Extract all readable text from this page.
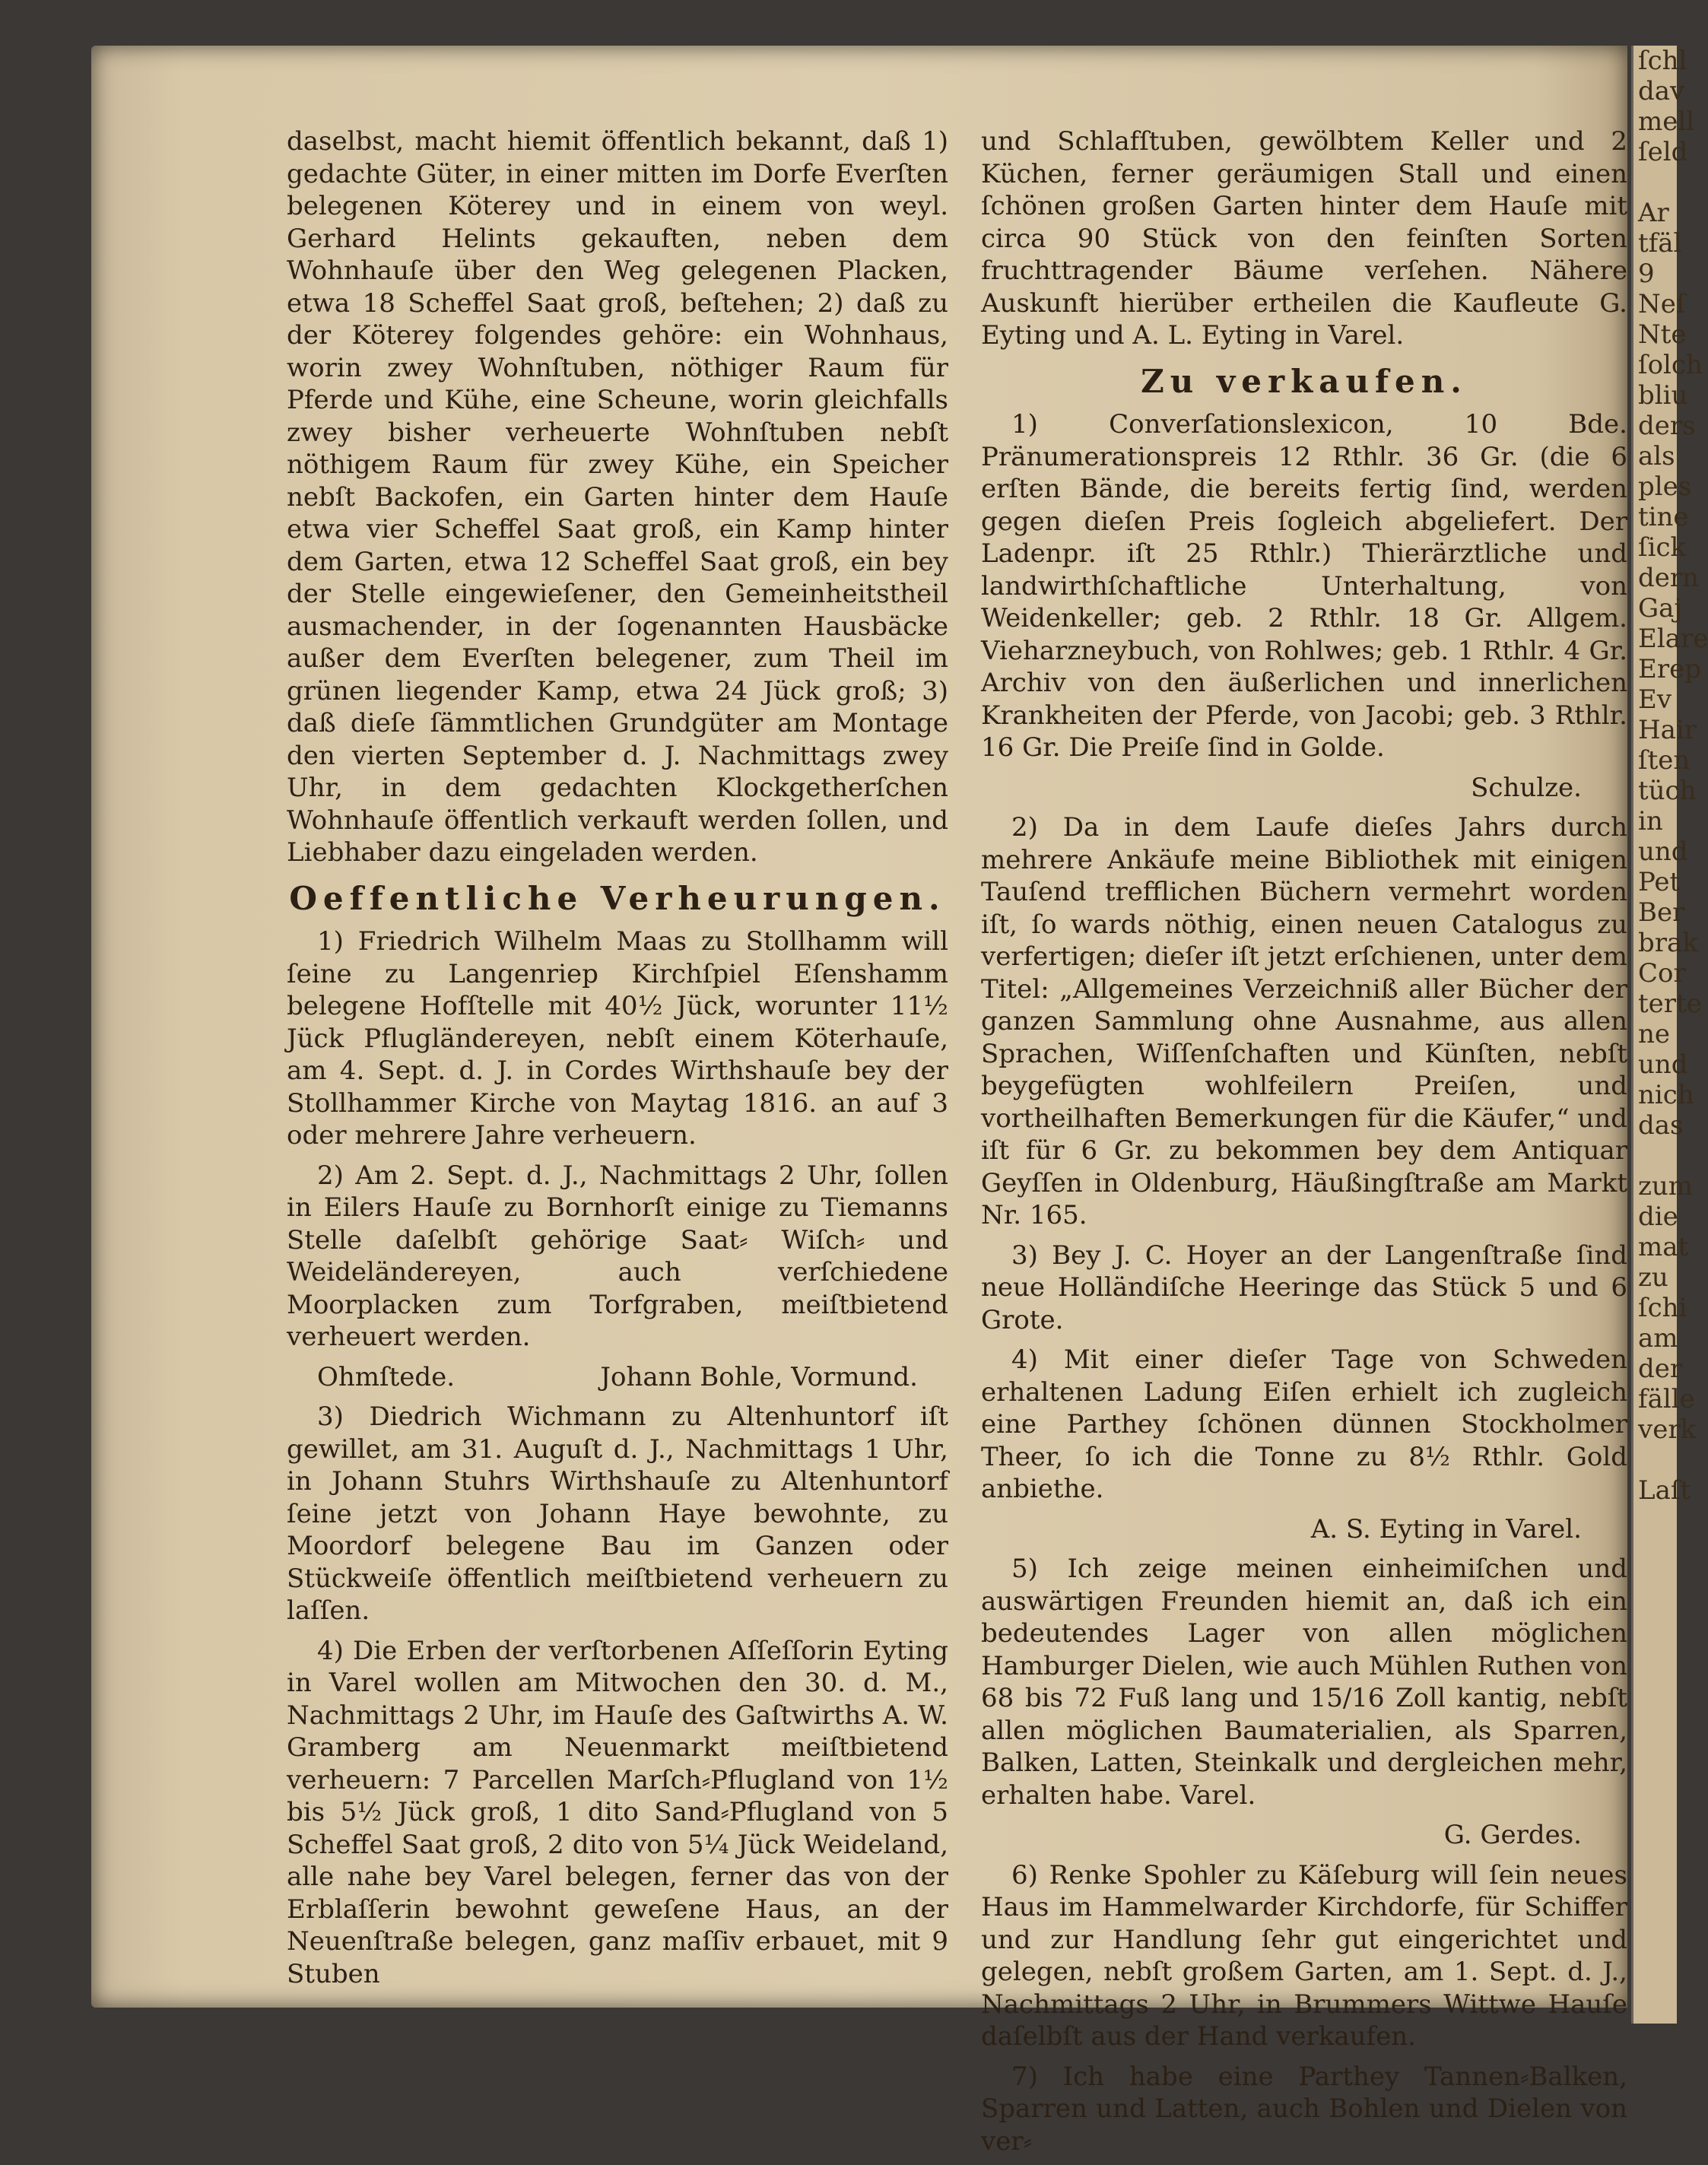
daselbst, macht hiemit öffentlich bekannt, daß 1) gedachte Güter, in einer mitten im Dorfe Everſten belegenen Köterey und in einem von weyl. Gerhard Helints gekauften, neben dem Wohnhauſe über den Weg gelegenen Placken, etwa 18 Scheffel Saat groß, beſtehen; 2) daß zu der Köterey folgendes gehöre: ein Wohnhaus, worin zwey Wohnſtuben, nöthiger Raum für Pferde und Kühe, eine Scheune, worin gleichfalls zwey bisher verheuerte Wohnſtuben nebſt nöthigem Raum für zwey Kühe, ein Speicher nebſt Backofen, ein Garten hinter dem Hauſe etwa vier Scheffel Saat groß, ein Kamp hinter dem Garten, etwa 12 Scheffel Saat groß, ein bey der Stelle eingewieſener, den Gemeinheitstheil ausmachender, in der ſogenannten Hausbäcke außer dem Everſten belegener, zum Theil im grünen liegender Kamp, etwa 24 Jück groß; 3) daß dieſe ſämmtlichen Grundgüter am Montage den vierten September d. J. Nachmittags zwey Uhr, in dem gedachten Klockgetherſchen Wohnhauſe öffentlich verkauft werden ſollen, und Liebhaber dazu eingeladen werden.

Oeffentliche Verheurungen.

1) Friedrich Wilhelm Maas zu Stollhamm will ſeine zu Langenriep Kirchſpiel Eſenshamm belegene Hofſtelle mit 40½ Jück, worunter 11½ Jück Pflugländereyen, nebſt einem Köterhauſe, am 4. Sept. d. J. in Cordes Wirthshauſe bey der Stollhammer Kirche von Maytag 1816. an auf 3 oder mehrere Jahre verheuern.

2) Am 2. Sept. d. J., Nachmittags 2 Uhr, ſollen in Eilers Hauſe zu Bornhorſt einige zu Tiemanns Stelle daſelbſt gehörige Saat⸗ Wiſch⸗ und Weideländereyen, auch verſchiedene Moorplacken zum Torfgraben, meiſtbietend verheuert werden.

Ohmſtede.	Johann Bohle, Vormund.

3) Diedrich Wichmann zu Altenhuntorf iſt gewillet, am 31. Auguſt d. J., Nachmittags 1 Uhr, in Johann Stuhrs Wirthshauſe zu Altenhuntorf ſeine jetzt von Johann Haye bewohnte, zu Moordorf belegene Bau im Ganzen oder Stückweiſe öffentlich meiſtbietend verheuern zu laſſen.

4) Die Erben der verſtorbenen Aſſeſſorin Eyting in Varel wollen am Mitwochen den 30. d. M., Nachmittags 2 Uhr, im Hauſe des Gaſtwirths A. W. Gramberg am Neuenmarkt meiſtbietend verheuern: 7 Parcellen Marſch⸗Pflugland von 1½ bis 5½ Jück groß, 1 dito Sand⸗Pflugland von 5 Scheffel Saat groß, 2 dito von 5¼ Jück Weideland, alle nahe bey Varel belegen, ferner das von der Erblaſſerin bewohnt geweſene Haus, an der Neuenſtraße belegen, ganz maſſiv erbauet, mit 9 Stuben

und Schlafſtuben, gewölbtem Keller und 2 Küchen, ferner geräumigen Stall und einen ſchönen großen Garten hinter dem Hauſe mit circa 90 Stück von den feinſten Sorten fruchttragender Bäume verſehen. Nähere Auskunft hierüber ertheilen die Kaufleute G. Eyting und A. L. Eyting in Varel.

Zu verkaufen.

1) Converſationslexicon, 10 Bde. Pränumerationspreis 12 Rthlr. 36 Gr. (die 6 erſten Bände, die bereits fertig ſind, werden gegen dieſen Preis ſogleich abgeliefert. Der Ladenpr. iſt 25 Rthlr.) Thierärztliche und landwirthſchaftliche Unterhaltung, von Weidenkeller; geb. 2 Rthlr. 18 Gr. Allgem. Vieharzneybuch, von Rohlwes; geb. 1 Rthlr. 4 Gr. Archiv von den äußerlichen und innerlichen Krankheiten der Pferde, von Jacobi; geb. 3 Rthlr. 16 Gr. Die Preiſe ſind in Golde.

Schulze.

2) Da in dem Laufe dieſes Jahrs durch mehrere Ankäufe meine Bibliothek mit einigen Tauſend trefflichen Büchern vermehrt worden iſt, ſo wards nöthig, einen neuen Catalogus zu verfertigen; dieſer iſt jetzt erſchienen, unter dem Titel: „Allgemeines Verzeichniß aller Bücher der ganzen Sammlung ohne Ausnahme, aus allen Sprachen, Wiſſenſchaften und Künſten, nebſt beygefügten wohlfeilern Preiſen, und vortheilhaften Bemerkungen für die Käufer,“ und iſt für 6 Gr. zu bekommen bey dem Antiquar Geyſſen in Oldenburg, Häußingſtraße am Markt Nr. 165.

3) Bey J. C. Hoyer an der Langenſtraße ſind neue Holländiſche Heeringe das Stück 5 und 6 Grote.

4) Mit einer dieſer Tage von Schweden erhaltenen Ladung Eiſen erhielt ich zugleich eine Parthey ſchönen dünnen Stockholmer Theer, ſo ich die Tonne zu 8½ Rthlr. Gold anbiethe.

A. S. Eyting in Varel.

5) Ich zeige meinen einheimiſchen und auswärtigen Freunden hiemit an, daß ich ein bedeutendes Lager von allen möglichen Hamburger Dielen, wie auch Mühlen Ruthen von 68 bis 72 Fuß lang und 15/16 Zoll kantig, nebſt allen möglichen Baumaterialien, als Sparren, Balken, Latten, Steinkalk und dergleichen mehr, erhalten habe. Varel.

G. Gerdes.

6) Renke Spohler zu Käſeburg will ſein neues Haus im Hammelwarder Kirchdorfe, für Schiffer und zur Handlung ſehr gut eingerichtet und gelegen, nebſt großem Garten, am 1. Sept. d. J., Nachmittags 2 Uhr, in Brummers Wittwe Hauſe daſelbſt aus der Hand verkaufen.

7) Ich habe eine Parthey Tannen⸗Balken, Sparren und Latten, auch Bohlen und Dielen von ver⸗

ſchl
dav
mell
ſeld

Ar
tfäl
9
Neſ
Nte
ſolch
bliu
ders
als
ples
tine
ſick
dern
Gaj
Elare
Erep
Ev
Hair
ſten
tüch
in
und
Pet
Ber
brak
Cor
terte
ne
und
nich
das

zum
die
mat
zu
ſchi
am
der
fälle
verk

Laſt
